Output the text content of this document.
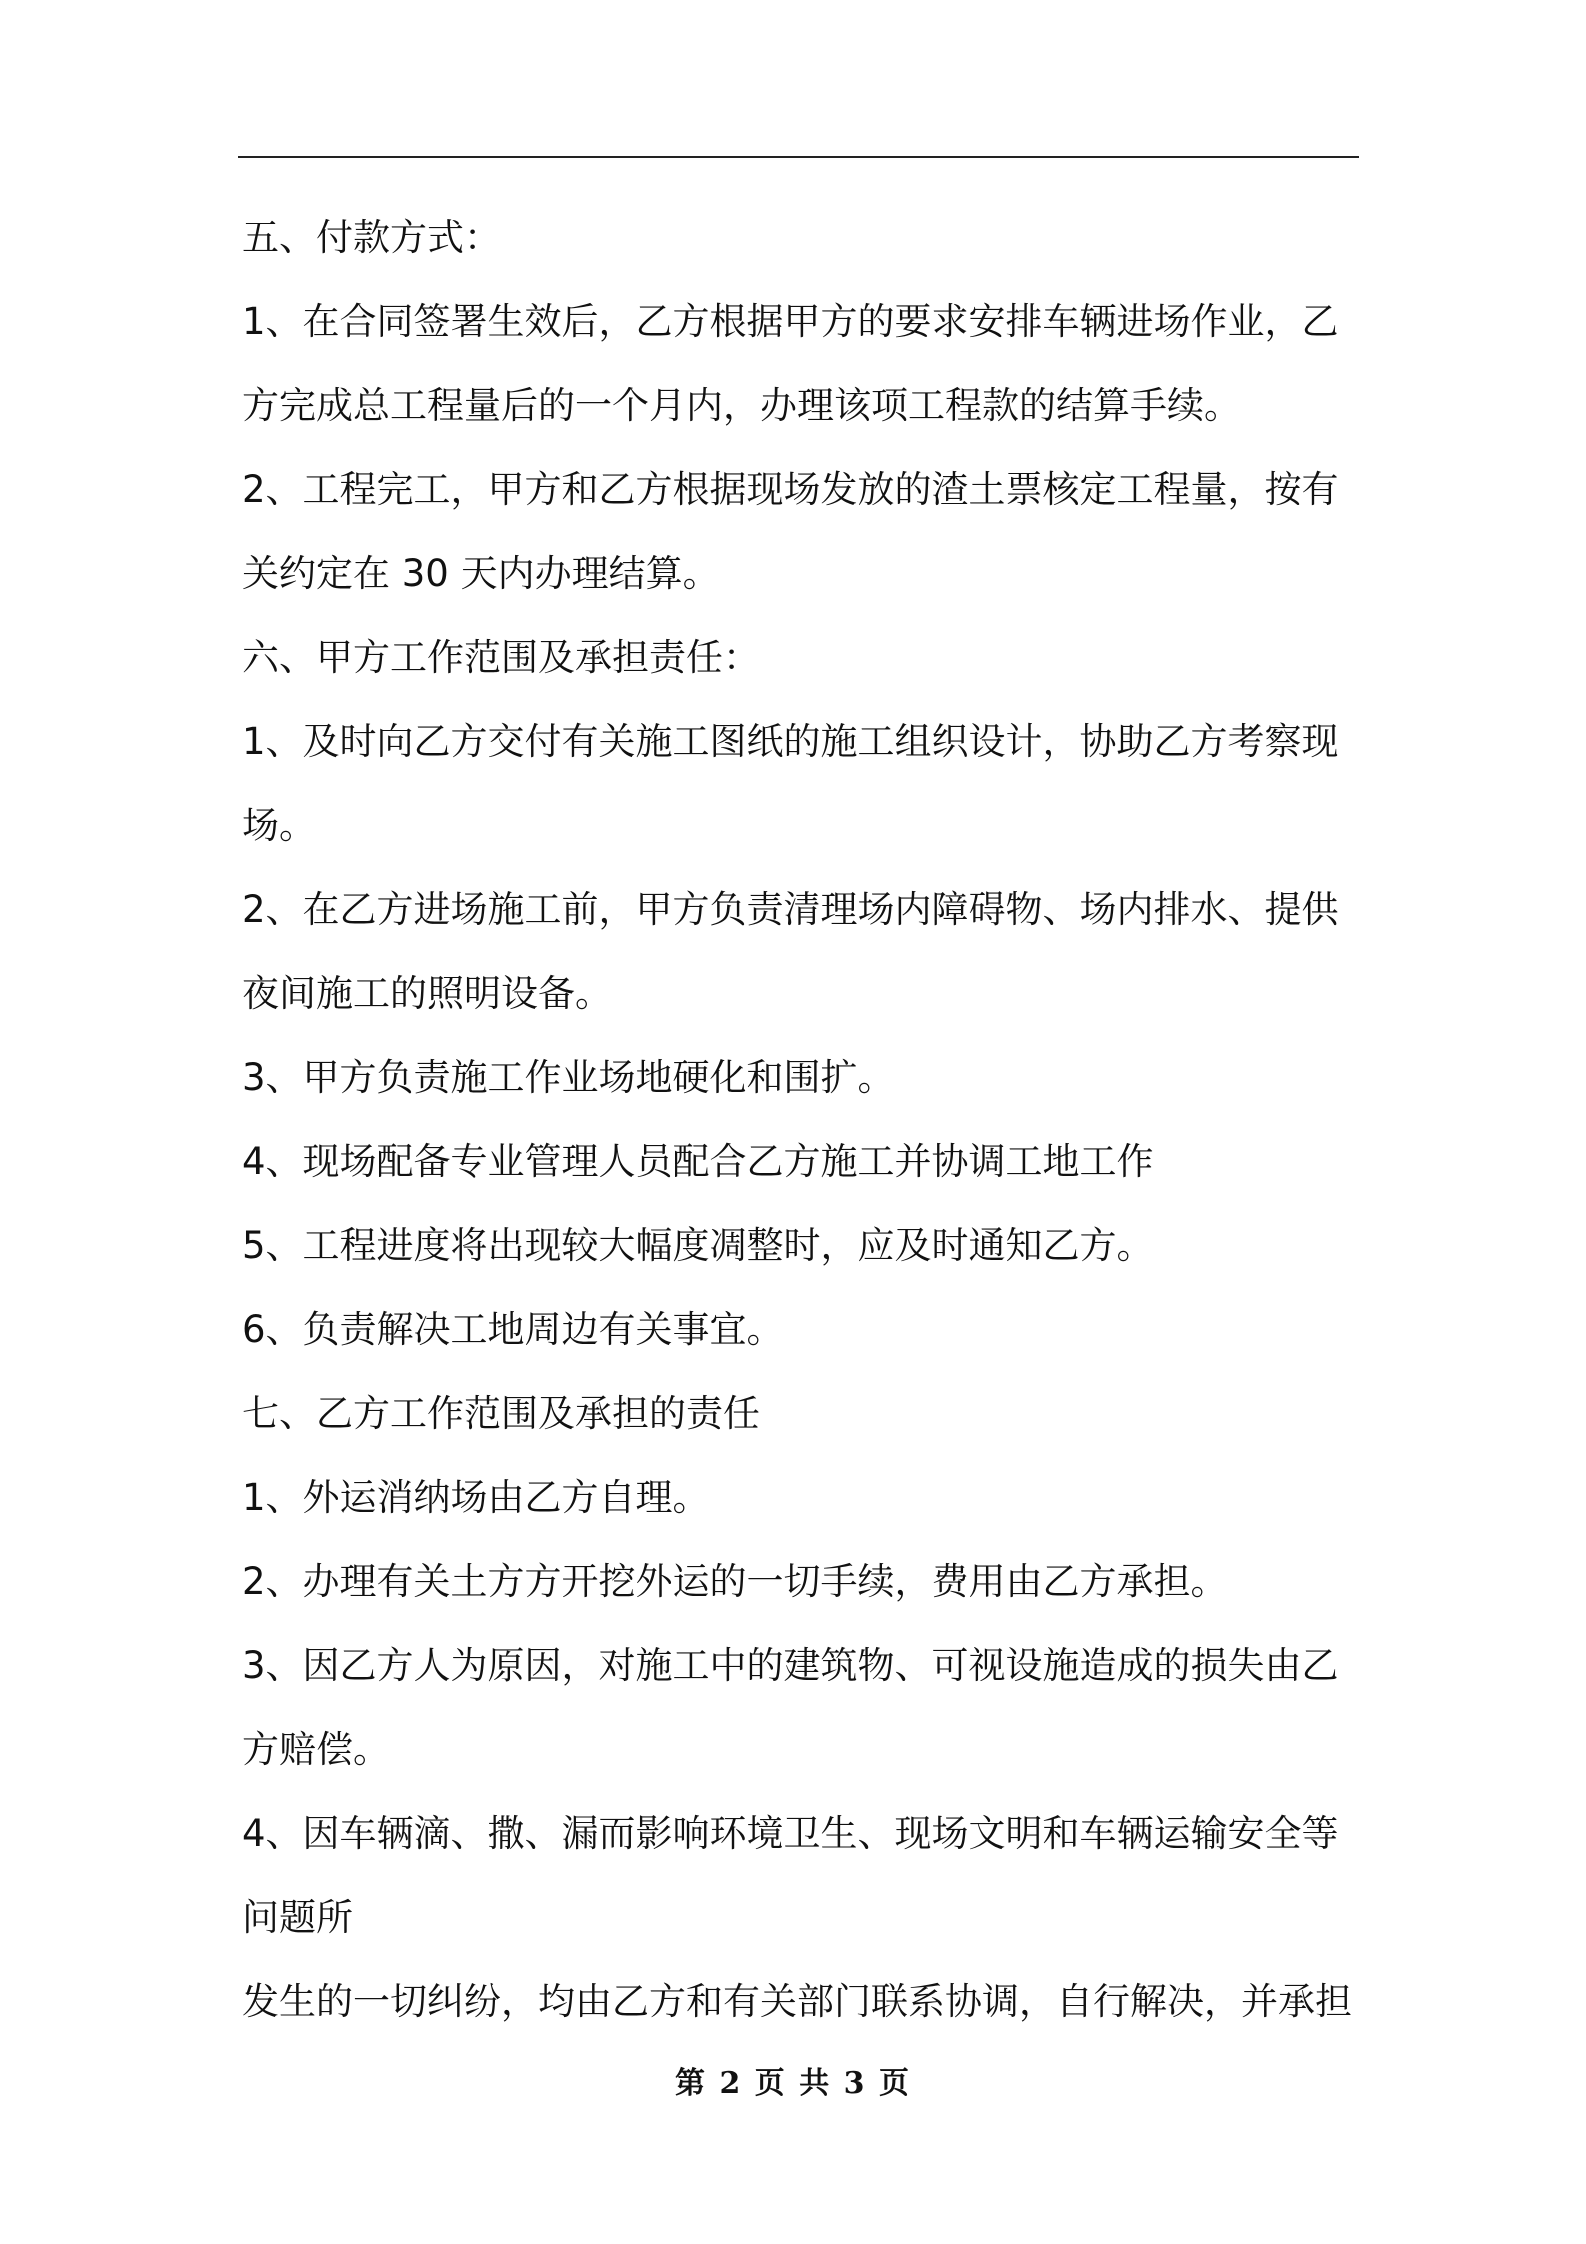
五、付款方式：
1、在合同签署生效后，乙方根据甲方的要求安排车辆进场作业，乙
方完成总工程量后的一个月内，办理该项工程款的结算手续。
2、工程完工，甲方和乙方根据现场发放的渣土票核定工程量，按有
关约定在 30 天内办理结算。
六、甲方工作范围及承担责任：
1、及时向乙方交付有关施工图纸的施工组织设计，协助乙方考察现
场。
2、在乙方进场施工前，甲方负责清理场内障碍物、场内排水、提供
夜间施工的照明设备。
3、甲方负责施工作业场地硬化和围扩。
4、现场配备专业管理人员配合乙方施工并协调工地工作
5、工程进度将出现较大幅度凋整时，应及时通知乙方。
6、负责解决工地周边有关事宜。
七、乙方工作范围及承担的责任
1、外运消纳场由乙方自理。
2、办理有关土方方开挖外运的一切手续，费用由乙方承担。
3、因乙方人为原因，对施工中的建筑物、可视设施造成的损失由乙
方赔偿。
4、因车辆滴、撒、漏而影响环境卫生、现场文明和车辆运输安全等
问题所
发生的一切纠纷，均由乙方和有关部门联系协调，自行解决，并承担
第 2 页 共 3 页
